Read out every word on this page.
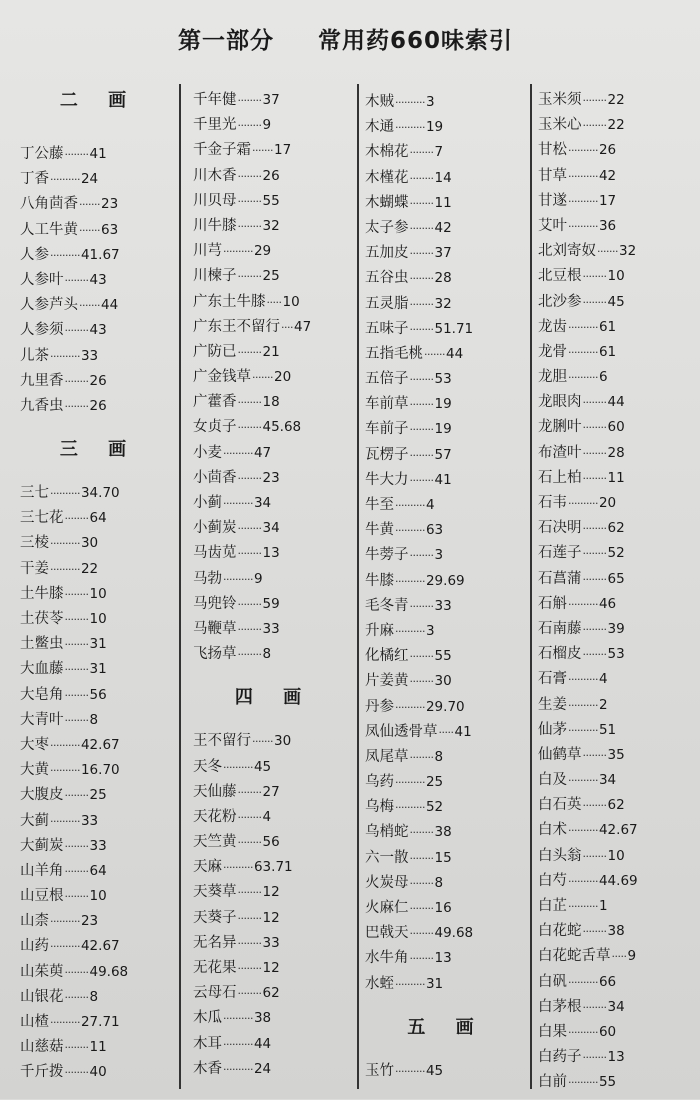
第一部分 常用药660味索引
二 画
丁公藤 ········ 41
丁香 ·········· 24
八角茴香 ······· 23
人工牛黄 ······· 63
人参 ·········· 41.67
人参叶 ········ 43
人参芦头 ······· 44
人参须 ········ 43
儿茶 ·········· 33
九里香 ········ 26
九香虫 ········ 26
三 画
三七 ·········· 34.70
三七花 ········ 64
三棱 ·········· 30
干姜 ·········· 22
土牛膝 ········ 10
土茯苓 ········ 10
土鳖虫 ········ 31
大血藤 ········ 31
大皂角 ········ 56
大青叶 ········ 8
大枣 ·········· 42.67
大黄 ·········· 16.70
大腹皮 ········ 25
大蓟 ·········· 33
大蓟炭 ········ 33
山羊角 ········ 64
山豆根 ········ 10
山柰 ·········· 23
山药 ·········· 42.67
山茱萸 ········ 49.68
山银花 ········ 8
山楂 ·········· 27.71
山慈菇 ········ 11
千斤拨 ········ 40
千年健 ········ 37
千里光 ········ 9
千金子霜 ······· 17
川木香 ········ 26
川贝母 ········ 55
川牛膝 ········ 32
川芎 ·········· 29
川楝子 ········ 25
广东土牛膝 ····· 10
广东王不留行 ···· 47
广防已 ········ 21
广金钱草 ······· 20
广藿香 ········ 18
女贞子 ········ 45.68
小麦 ·········· 47
小茴香 ········ 23
小蓟 ·········· 34
小蓟炭 ········ 34
马齿苋 ········ 13
马勃 ·········· 9
马兜铃 ········ 59
马鞭草 ········ 33
飞扬草 ········ 8
四 画
王不留行 ······· 30
天冬 ·········· 45
天仙藤 ········ 27
天花粉 ········ 4
天竺黄 ········ 56
天麻 ·········· 63.71
天葵草 ········ 12
天葵子 ········ 12
无名异 ········ 33
无花果 ········ 12
云母石 ········ 62
木瓜 ·········· 38
木耳 ·········· 44
木香 ·········· 24
木贼 ·········· 3
木通 ·········· 19
木棉花 ········ 7
木槿花 ········ 14
木蝴蝶 ········ 11
太子参 ········ 42
五加皮 ········ 37
五谷虫 ········ 28
五灵脂 ········ 32
五味子 ········ 51.71
五指毛桃 ······· 44
五倍子 ········ 53
车前草 ········ 19
车前子 ········ 19
瓦楞子 ········ 57
牛大力 ········ 41
牛至 ·········· 4
牛黄 ·········· 63
牛蒡子 ········ 3
牛膝 ·········· 29.69
毛冬青 ········ 33
升麻 ·········· 3
化橘红 ········ 55
片姜黄 ········ 30
丹参 ·········· 29.70
凤仙透骨草 ····· 41
凤尾草 ········ 8
乌药 ·········· 25
乌梅 ·········· 52
乌梢蛇 ········ 38
六一散 ········ 15
火炭母 ········ 8
火麻仁 ········ 16
巴戟天 ········ 49.68
水牛角 ········ 13
水蛭 ·········· 31
五 画
玉竹 ·········· 45
玉米须 ········ 22
玉米心 ········ 22
甘松 ·········· 26
甘草 ·········· 42
甘遂 ·········· 17
艾叶 ·········· 36
北刘寄奴 ······· 32
北豆根 ········ 10
北沙参 ········ 45
龙齿 ·········· 61
龙骨 ·········· 61
龙胆 ·········· 6
龙眼肉 ········ 44
龙脷叶 ········ 60
布渣叶 ········ 28
石上柏 ········ 11
石韦 ·········· 20
石决明 ········ 62
石莲子 ········ 52
石菖蒲 ········ 65
石斛 ·········· 46
石南藤 ········ 39
石榴皮 ········ 53
石膏 ·········· 4
生姜 ·········· 2
仙茅 ·········· 51
仙鹤草 ········ 35
白及 ·········· 34
白石英 ········ 62
白术 ·········· 42.67
白头翁 ········ 10
白芍 ·········· 44.69
白芷 ·········· 1
白花蛇 ········ 38
白花蛇舌草 ····· 9
白矾 ·········· 66
白茅根 ········ 34
白果 ·········· 60
白药子 ········ 13
白前 ·········· 55
